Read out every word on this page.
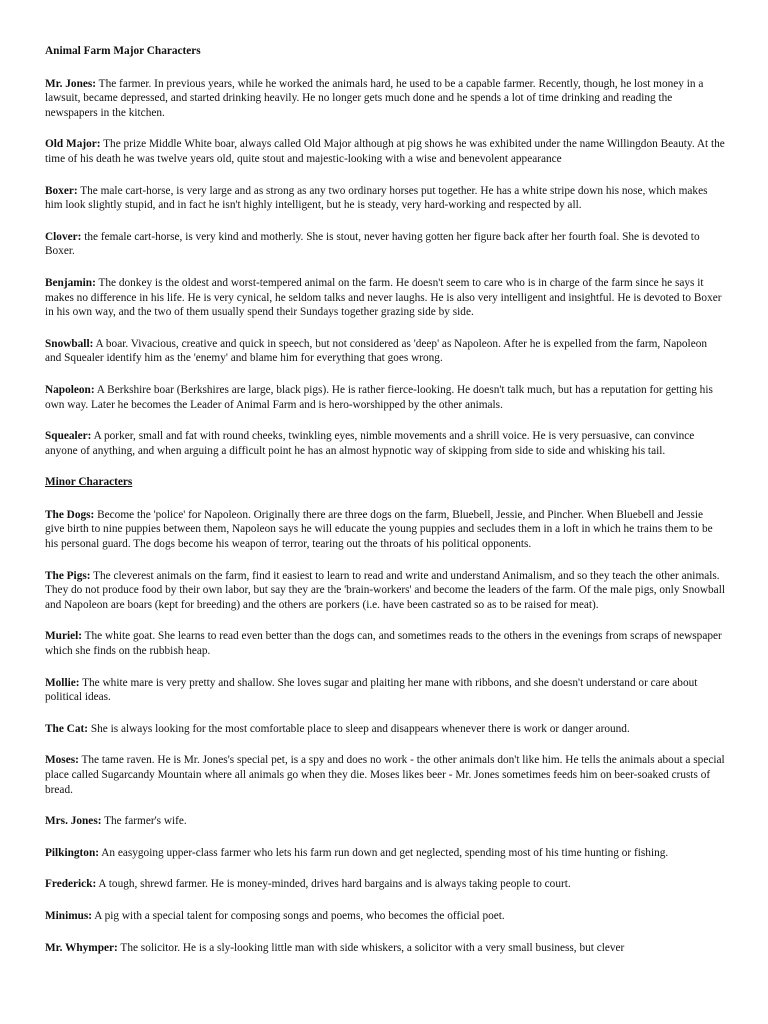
Animal Farm Major Characters
Mr. Jones: The farmer. In previous years, while he worked the animals hard, he used to be a capable farmer. Recently, though, he lost money in a lawsuit, became depressed, and started drinking heavily. He no longer gets much done and he spends a lot of time drinking and reading the newspapers in the kitchen.
Old Major: The prize Middle White boar, always called Old Major although at pig shows he was exhibited under the name Willingdon Beauty. At the time of his death he was twelve years old, quite stout and majestic-looking with a wise and benevolent appearance
Boxer: The male cart-horse, is very large and as strong as any two ordinary horses put together. He has a white stripe down his nose, which makes him look slightly stupid, and in fact he isn't highly intelligent, but he is steady, very hard-working and respected by all.
Clover: the female cart-horse, is very kind and motherly. She is stout, never having gotten her figure back after her fourth foal. She is devoted to Boxer.
Benjamin: The donkey is the oldest and worst-tempered animal on the farm. He doesn't seem to care who is in charge of the farm since he says it makes no difference in his life. He is very cynical, he seldom talks and never laughs. He is also very intelligent and insightful. He is devoted to Boxer in his own way, and the two of them usually spend their Sundays together grazing side by side.
Snowball: A boar. Vivacious, creative and quick in speech, but not considered as 'deep' as Napoleon. After he is expelled from the farm, Napoleon and Squealer identify him as the 'enemy' and blame him for everything that goes wrong.
Napoleon: A Berkshire boar (Berkshires are large, black pigs). He is rather fierce-looking. He doesn't talk much, but has a reputation for getting his own way. Later he becomes the Leader of Animal Farm and is hero-worshipped by the other animals.
Squealer: A porker, small and fat with round cheeks, twinkling eyes, nimble movements and a shrill voice. He is very persuasive, can convince anyone of anything, and when arguing a difficult point he has an almost hypnotic way of skipping from side to side and whisking his tail.
Minor Characters
The Dogs: Become the 'police' for Napoleon. Originally there are three dogs on the farm, Bluebell, Jessie, and Pincher. When Bluebell and Jessie give birth to nine puppies between them, Napoleon says he will educate the young puppies and secludes them in a loft in which he trains them to be his personal guard. The dogs become his weapon of terror, tearing out the throats of his political opponents.
The Pigs: The cleverest animals on the farm, find it easiest to learn to read and write and understand Animalism, and so they teach the other animals. They do not produce food by their own labor, but say they are the 'brain-workers' and become the leaders of the farm. Of the male pigs, only Snowball and Napoleon are boars (kept for breeding) and the others are porkers (i.e. have been castrated so as to be raised for meat).
Muriel: The white goat. She learns to read even better than the dogs can, and sometimes reads to the others in the evenings from scraps of newspaper which she finds on the rubbish heap.
Mollie: The white mare is very pretty and shallow. She loves sugar and plaiting her mane with ribbons, and she doesn't understand or care about political ideas.
The Cat: She is always looking for the most comfortable place to sleep and disappears whenever there is work or danger around.
Moses: The tame raven. He is Mr. Jones's special pet, is a spy and does no work - the other animals don't like him. He tells the animals about a special place called Sugarcandy Mountain where all animals go when they die. Moses likes beer - Mr. Jones sometimes feeds him on beer-soaked crusts of bread.
Mrs. Jones: The farmer's wife.
Pilkington: An easygoing upper-class farmer who lets his farm run down and get neglected, spending most of his time hunting or fishing.
Frederick: A tough, shrewd farmer. He is money-minded, drives hard bargains and is always taking people to court.
Minimus: A pig with a special talent for composing songs and poems, who becomes the official poet.
Mr. Whymper: The solicitor. He is a sly-looking little man with side whiskers, a solicitor with a very small business, but clever
